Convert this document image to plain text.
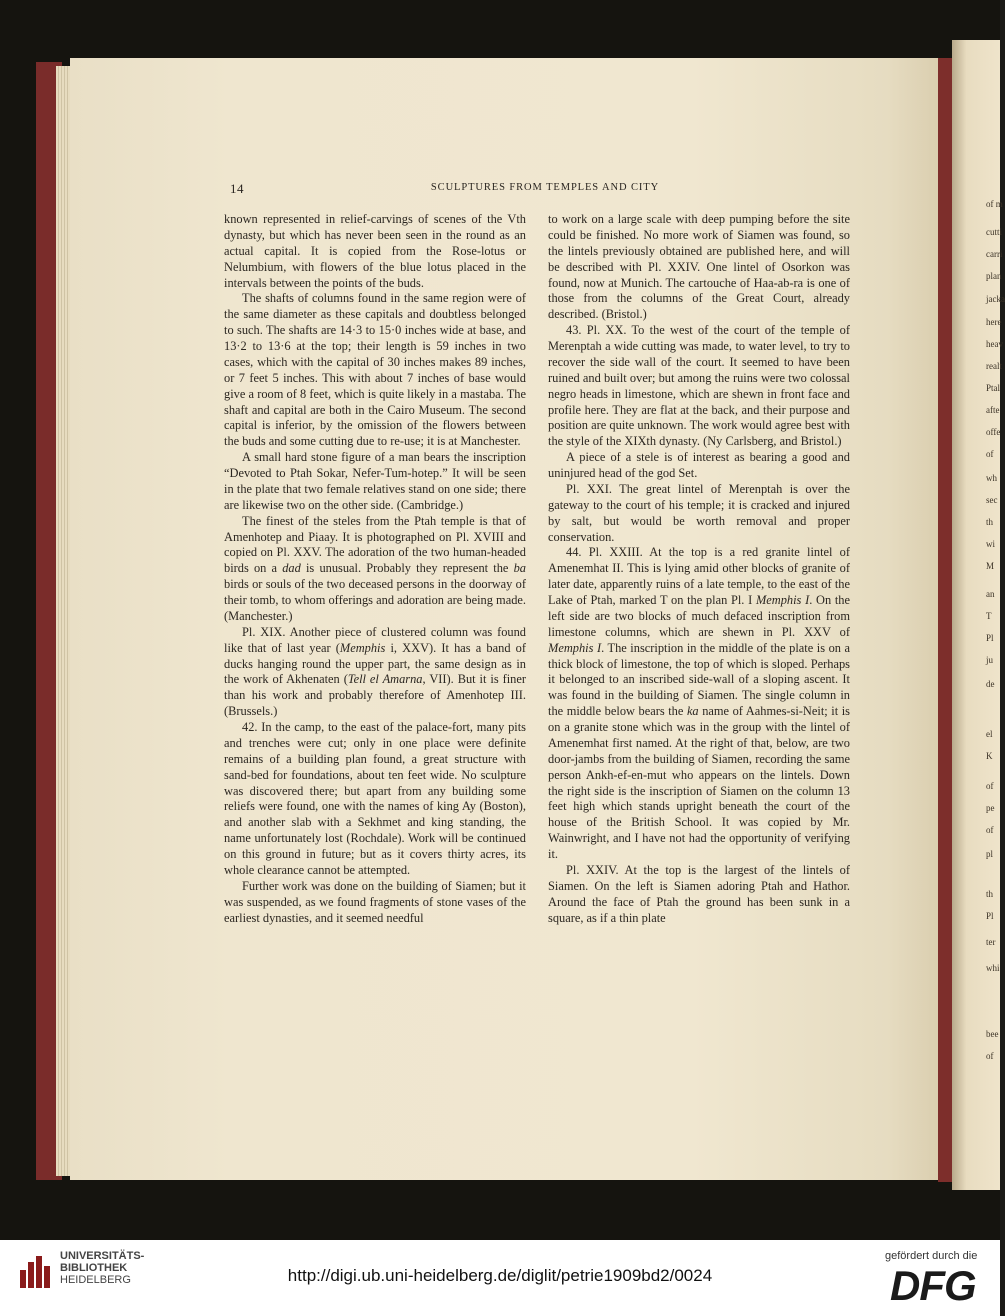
of m
cutti
carri
plan
jacka
here
heav
realt
Ptal
afte
offe
of
wh
sec
th
wi
M
an
T
Pl
ju
de
el
K
of
pe
of
pl
th
Pl
ter
whi
bee
of
14	SCULPTURES FROM TEMPLES AND CITY

known represented in relief-carvings of scenes of the Vth dynasty, but which has never been seen in the round as an actual capital. It is copied from the Rose-lotus or Nelumbium, with flowers of the blue lotus placed in the intervals between the points of the buds.

The shafts of columns found in the same region were of the same diameter as these capitals and doubtless belonged to such. The shafts are 14·3 to 15·0 inches wide at base, and 13·2 to 13·6 at the top; their length is 59 inches in two cases, which with the capital of 30 inches makes 89 inches, or 7 feet 5 inches. This with about 7 inches of base would give a room of 8 feet, which is quite likely in a mastaba. The shaft and capital are both in the Cairo Museum. The second capital is inferior, by the omission of the flowers between the buds and some cutting due to re-use; it is at Manchester.

A small hard stone figure of a man bears the inscription “Devoted to Ptah Sokar, Nefer-Tum-hotep.” It will be seen in the plate that two female relatives stand on one side; there are likewise two on the other side. (Cambridge.)

The finest of the steles from the Ptah temple is that of Amenhotep and Piaay. It is photographed on Pl. XVIII and copied on Pl. XXV. The adoration of the two human-headed birds on a dad is unusual. Probably they represent the ba birds or souls of the two deceased persons in the doorway of their tomb, to whom offerings and adoration are being made. (Manchester.)

Pl. XIX. Another piece of clustered column was found like that of last year (Memphis i, XXV). It has a band of ducks hanging round the upper part, the same design as in the work of Akhenaten (Tell el Amarna, VII). But it is finer than his work and probably therefore of Amenhotep III. (Brussels.)

42. In the camp, to the east of the palace-fort, many pits and trenches were cut; only in one place were definite remains of a building plan found, a great structure with sand-bed for foundations, about ten feet wide. No sculpture was discovered there; but apart from any building some reliefs were found, one with the names of king Ay (Boston), and another slab with a Sekhmet and king standing, the name unfortunately lost (Rochdale). Work will be continued on this ground in future; but as it covers thirty acres, its whole clearance cannot be attempted.

Further work was done on the building of Siamen; but it was suspended, as we found fragments of stone vases of the earliest dynasties, and it seemed needful

to work on a large scale with deep pumping before the site could be finished. No more work of Siamen was found, so the lintels previously obtained are published here, and will be described with Pl. XXIV. One lintel of Osorkon was found, now at Munich. The cartouche of Haa-ab-ra is one of those from the columns of the Great Court, already described. (Bristol.)

43. Pl. XX. To the west of the court of the temple of Merenptah a wide cutting was made, to water level, to try to recover the side wall of the court. It seemed to have been ruined and built over; but among the ruins were two colossal negro heads in limestone, which are shewn in front face and profile here. They are flat at the back, and their purpose and position are quite unknown. The work would agree best with the style of the XIXth dynasty. (Ny Carlsberg, and Bristol.)

A piece of a stele is of interest as bearing a good and uninjured head of the god Set.

Pl. XXI. The great lintel of Merenptah is over the gateway to the court of his temple; it is cracked and injured by salt, but would be worth removal and proper conservation.

44. Pl. XXIII. At the top is a red granite lintel of Amenemhat II. This is lying amid other blocks of granite of later date, apparently ruins of a late temple, to the east of the Lake of Ptah, marked T on the plan Pl. I Memphis I. On the left side are two blocks of much defaced inscription from limestone columns, which are shewn in Pl. XXV of Memphis I. The inscription in the middle of the plate is on a thick block of limestone, the top of which is sloped. Perhaps it belonged to an inscribed side-wall of a sloping ascent. It was found in the building of Siamen. The single column in the middle below bears the ka name of Aahmes-si-Neit; it is on a granite stone which was in the group with the lintel of Amenemhat first named. At the right of that, below, are two door-jambs from the building of Siamen, recording the same person Ankh-ef-en-mut who appears on the lintels. Down the right side is the inscription of Siamen on the column 13 feet high which stands upright beneath the court of the house of the British School. It was copied by Mr. Wainwright, and I have not had the opportunity of verifying it.

Pl. XXIV. At the top is the largest of the lintels of Siamen. On the left is Siamen adoring Ptah and Hathor. Around the face of Ptah the ground has been sunk in a square, as if a thin plate

UNIVERSITÄTS-
BIBLIOTHEK
HEIDELBERG	http://digi.ub.uni-heidelberg.de/diglit/petrie1909bd2/0024
gefördert durch die
DFG
